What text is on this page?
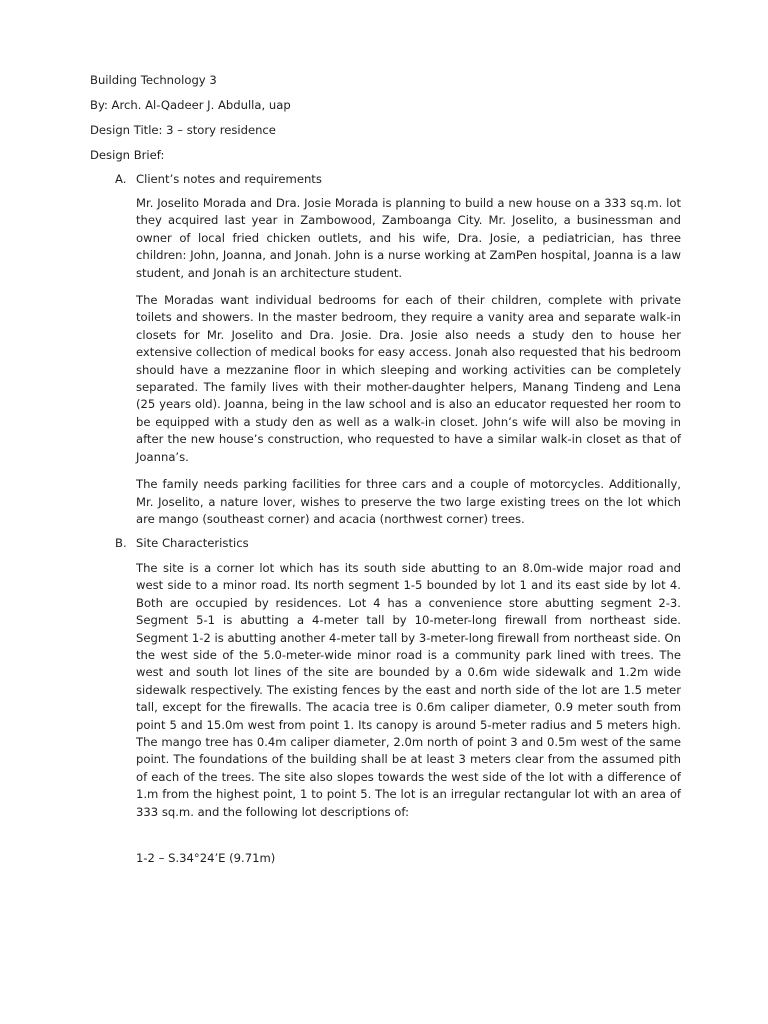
Building Technology 3
By: Arch. Al-Qadeer J. Abdulla, uap
Design Title: 3 – story residence
Design Brief:
A. Client’s notes and requirements

Mr. Joselito Morada and Dra. Josie Morada is planning to build a new house on a 333 sq.m. lot they acquired last year in Zambowood, Zamboanga City. Mr. Joselito, a businessman and owner of local fried chicken outlets, and his wife, Dra. Josie, a pediatrician, has three children: John, Joanna, and Jonah. John is a nurse working at ZamPen hospital, Joanna is a law student, and Jonah is an architecture student.

The Moradas want individual bedrooms for each of their children, complete with private toilets and showers. In the master bedroom, they require a vanity area and separate walk-in closets for Mr. Joselito and Dra. Josie. Dra. Josie also needs a study den to house her extensive collection of medical books for easy access. Jonah also requested that his bedroom should have a mezzanine floor in which sleeping and working activities can be completely separated. The family lives with their mother-daughter helpers, Manang Tindeng and Lena (25 years old). Joanna, being in the law school and is also an educator requested her room to be equipped with a study den as well as a walk-in closet. John’s wife will also be moving in after the new house’s construction, who requested to have a similar walk-in closet as that of Joanna’s.

The family needs parking facilities for three cars and a couple of motorcycles. Additionally, Mr. Joselito, a nature lover, wishes to preserve the two large existing trees on the lot which are mango (southeast corner) and acacia (northwest corner) trees.

B. Site Characteristics

The site is a corner lot which has its south side abutting to an 8.0m-wide major road and west side to a minor road. Its north segment 1-5 bounded by lot 1 and its east side by lot 4. Both are occupied by residences. Lot 4 has a convenience store abutting segment 2-3. Segment 5-1 is abutting a 4-meter tall by 10-meter-long firewall from northeast side. Segment 1-2 is abutting another 4-meter tall by 3-meter-long firewall from northeast side. On the west side of the 5.0-meter-wide minor road is a community park lined with trees. The west and south lot lines of the site are bounded by a 0.6m wide sidewalk and 1.2m wide sidewalk respectively. The existing fences by the east and north side of the lot are 1.5 meter tall, except for the firewalls. The acacia tree is 0.6m caliper diameter, 0.9 meter south from point 5 and 15.0m west from point 1. Its canopy is around 5-meter radius and 5 meters high. The mango tree has 0.4m caliper diameter, 2.0m north of point 3 and 0.5m west of the same point. The foundations of the building shall be at least 3 meters clear from the assumed pith of each of the trees. The site also slopes towards the west side of the lot with a difference of 1.m from the highest point, 1 to point 5. The lot is an irregular rectangular lot with an area of 333 sq.m. and the following lot descriptions of:

1-2 – S.34°24’E (9.71m)
